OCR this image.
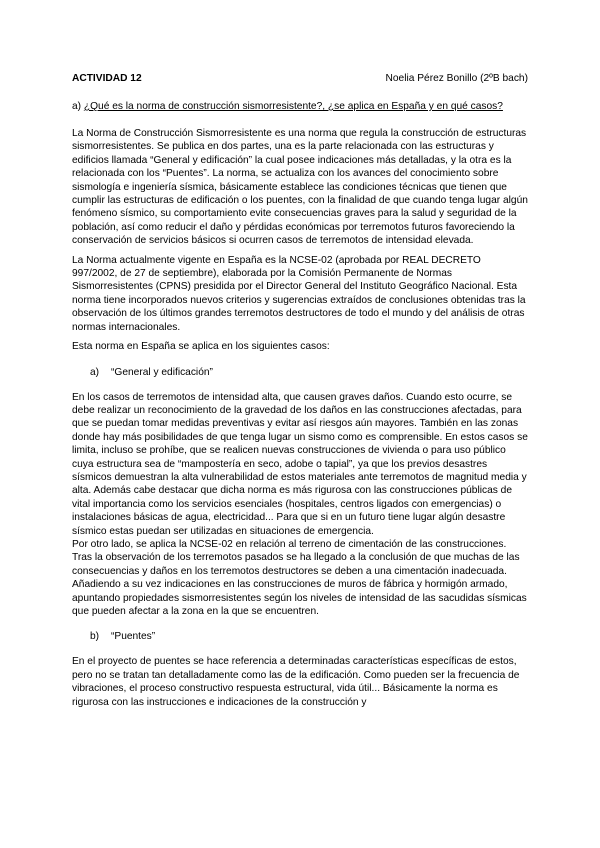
ACTIVIDAD 12	Noelia Pérez Bonillo (2ºB bach)
a) ¿Qué es la norma de construcción sismorresistente?, ¿se aplica en España y en qué casos?

La Norma de Construcción Sismorresistente es una norma que regula la construcción de estructuras sismorresistentes. Se publica en dos partes, una es la parte relacionada con las estructuras y edificios llamada “General y edificación” la cual posee indicaciones más detalladas, y la otra es la relacionada con los “Puentes”. La norma, se actualiza con los avances del conocimiento sobre sismología e ingeniería sísmica, básicamente establece las condiciones técnicas que tienen que cumplir las estructuras de edificación o los puentes, con la finalidad de que cuando tenga lugar algún fenómeno sísmico, su comportamiento evite consecuencias graves para la salud y seguridad de la población, así como reducir el daño y pérdidas económicas por terremotos futuros favoreciendo la conservación de servicios básicos si ocurren casos de terremotos de intensidad elevada.

La Norma actualmente vigente en España es la NCSE-02 (aprobada por REAL DECRETO 997/2002, de 27 de septiembre), elaborada por la Comisión Permanente de Normas Sismorresistentes (CPNS) presidida por el Director General del Instituto Geográfico Nacional. Esta norma tiene incorporados nuevos criterios y sugerencias extraídos de conclusiones obtenidas tras la observación de los últimos grandes terremotos destructores de todo el mundo y del análisis de otras normas internacionales.

Esta norma en España se aplica en los siguientes casos:

a)	“General y edificación”

En los casos de terremotos de intensidad alta, que causen graves daños. Cuando esto ocurre, se debe realizar un reconocimiento de la gravedad de los daños en las construcciones afectadas, para que se puedan tomar medidas preventivas y evitar así riesgos aún mayores. También en las zonas donde hay más posibilidades de que tenga lugar un sismo como es comprensible. En estos casos se limita, incluso se prohíbe, que se realicen nuevas construcciones de vivienda o para uso público cuya estructura sea de “mampostería en seco, adobe o tapial”, ya que los previos desastres sísmicos demuestran la alta vulnerabilidad de estos materiales ante terremotos de magnitud media y alta. Además cabe destacar que dicha norma es más rigurosa con las construcciones públicas de vital importancia como los servicios esenciales (hospitales, centros ligados con emergencias) o instalaciones básicas de agua, electricidad... Para que si en un futuro tiene lugar algún desastre sísmico estas puedan ser utilizadas en situaciones de emergencia.

Por otro lado, se aplica la NCSE-02 en relación al terreno de cimentación de las construcciones. Tras la observación de los terremotos pasados se ha llegado a la conclusión de que muchas de las consecuencias y daños en los terremotos destructores se deben a una cimentación inadecuada. Añadiendo a su vez indicaciones en las construcciones de muros de fábrica y hormigón armado, apuntando propiedades sismorresistentes según los niveles de intensidad de las sacudidas sísmicas que pueden afectar a la zona en la que se encuentren.

b)	“Puentes”

En el proyecto de puentes se hace referencia a determinadas características específicas de estos, pero no se tratan tan detalladamente como las de la edificación. Como pueden ser la frecuencia de vibraciones, el proceso constructivo respuesta estructural, vida útil... Básicamente la norma es rigurosa con las instrucciones e indicaciones de la construcción y
